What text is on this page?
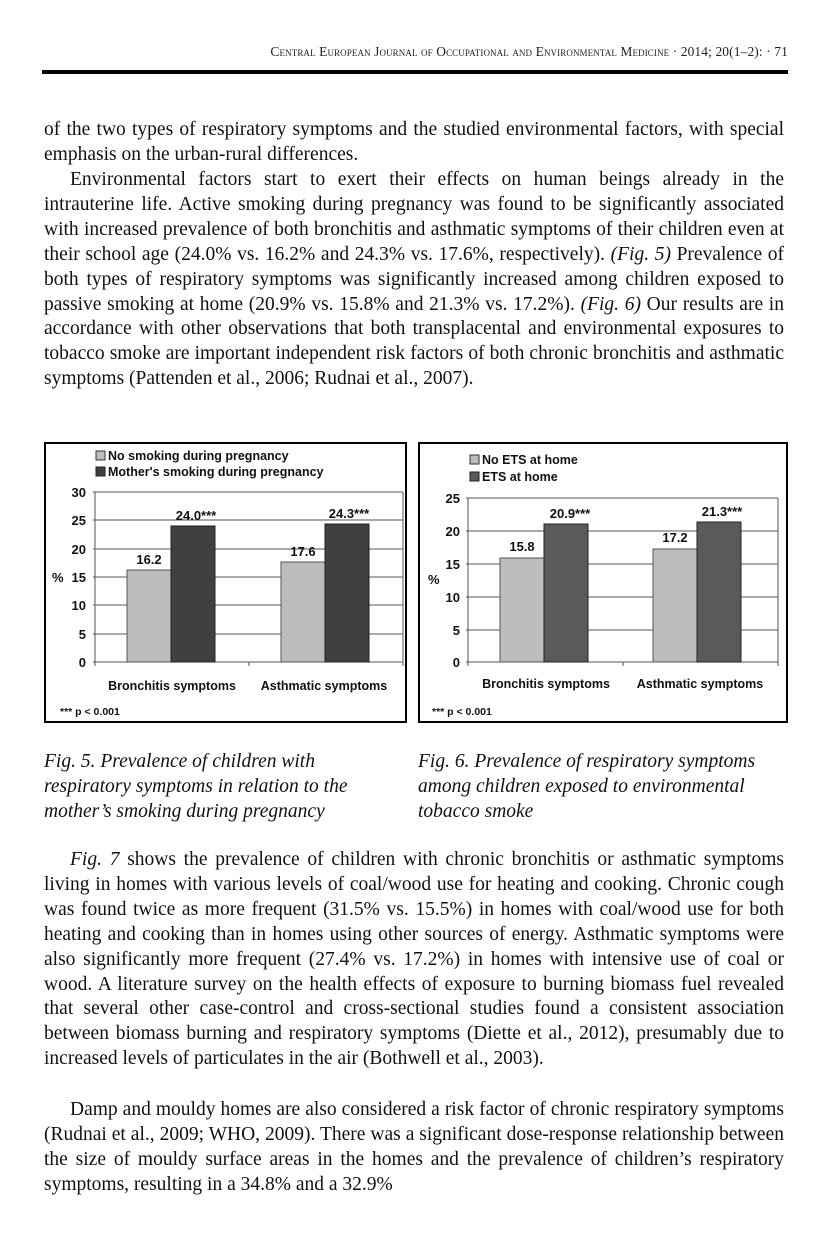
Central European Journal of Occupational and Environmental Medicine · 2014; 20(1–2): · 71

of the two types of respiratory symptoms and the studied environmental factors, with special emphasis on the urban-rural differences.

Environmental factors start to exert their effects on human beings already in the intrauterine life. Active smoking during pregnancy was found to be significantly associated with increased prevalence of both bronchitis and asthmatic symptoms of their children even at their school age (24.0% vs. 16.2% and 24.3% vs. 17.6%, respectively). (Fig. 5) Prevalence of both types of respiratory symptoms was significantly increased among children exposed to passive smoking at home (20.9% vs. 15.8% and 21.3% vs. 17.2%). (Fig. 6) Our results are in accordance with other observations that both transplacental and environmental exposures to tobacco smoke are important independent risk factors of both chronic bronchitis and asthmatic symptoms (Pattenden et al., 2006; Rudnai et al., 2007).

No smoking during pregnancy
Mother's smoking during pregnancy
30
25
20
15
10
5
0
%
16.2
24.0***
17.6
24.3***
Bronchitis symptoms Asthmatic symptoms
*** p < 0.001
No ETS at home
ETS at home
25
20
15
10
5
0
%
15.8
20.9***
17.2
21.3***
Bronchitis symptoms Asthmatic symptoms
*** p < 0.001
Fig. 5. Prevalence of children with respiratory symptoms in relation to the mother’s smoking during pregnancy
Fig. 6. Prevalence of respiratory symptoms among children exposed to environmental tobacco smoke

Fig. 7 shows the prevalence of children with chronic bronchitis or asthmatic symptoms living in homes with various levels of coal/wood use for heating and cooking. Chronic cough was found twice as more frequent (31.5% vs. 15.5%) in homes with coal/wood use for both heating and cooking than in homes using other sources of energy. Asthmatic symptoms were also significantly more frequent (27.4% vs. 17.2%) in homes with intensive use of coal or wood. A literature survey on the health effects of exposure to burning biomass fuel revealed that several other case-control and cross-sectional studies found a consistent association between biomass burning and respiratory symptoms (Diette et al., 2012), presumably due to increased levels of particulates in the air (Bothwell et al., 2003).

Damp and mouldy homes are also considered a risk factor of chronic respiratory symptoms (Rudnai et al., 2009; WHO, 2009). There was a significant dose-response relationship between the size of mouldy surface areas in the homes and the prevalence of children’s respiratory symptoms, resulting in a 34.8% and a 32.9%
